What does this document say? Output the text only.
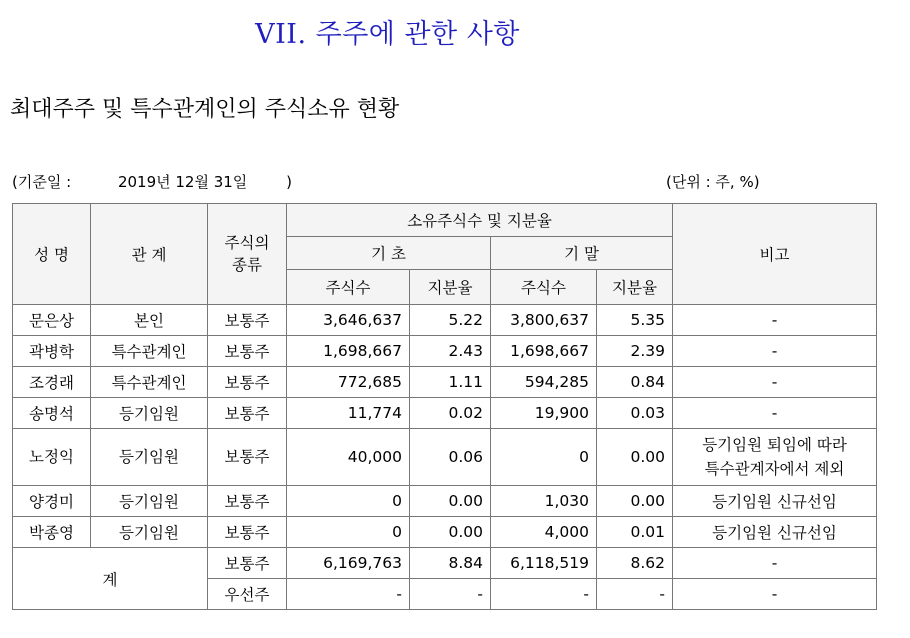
VII. 주주에 관한 사항
최대주주 및 특수관계인의 주식소유 현황
(기준일 :	2019년 12월 31일	)	(단위 : 주, %)
성 명	관 계	주식의 종류	소유주식수 및 지분율				비고
			기 초		기 말		
			주식수	지분율	주식수	지분율	
문은상	본인	보통주	3,646,637	5.22	3,800,637	5.35	-
곽병학	특수관계인	보통주	1,698,667	2.43	1,698,667	2.39	-
조경래	특수관계인	보통주	772,685	1.11	594,285	0.84	-
송명석	등기임원	보통주	11,774	0.02	19,900	0.03	-
노정익	등기임원	보통주	40,000	0.06	0	0.00	등기임원 퇴임에 따라
특수관계자에서 제외

양경미	등기임원	보통주	0	0.00	1,030	0.00	등기임원 신규선임
박종영	등기임원	보통주	0	0.00	4,000	0.01	등기임원 신규선임
계		보통주	6,169,763	8.84	6,118,519	8.62	-
		우선주	-	-	-	-	-
